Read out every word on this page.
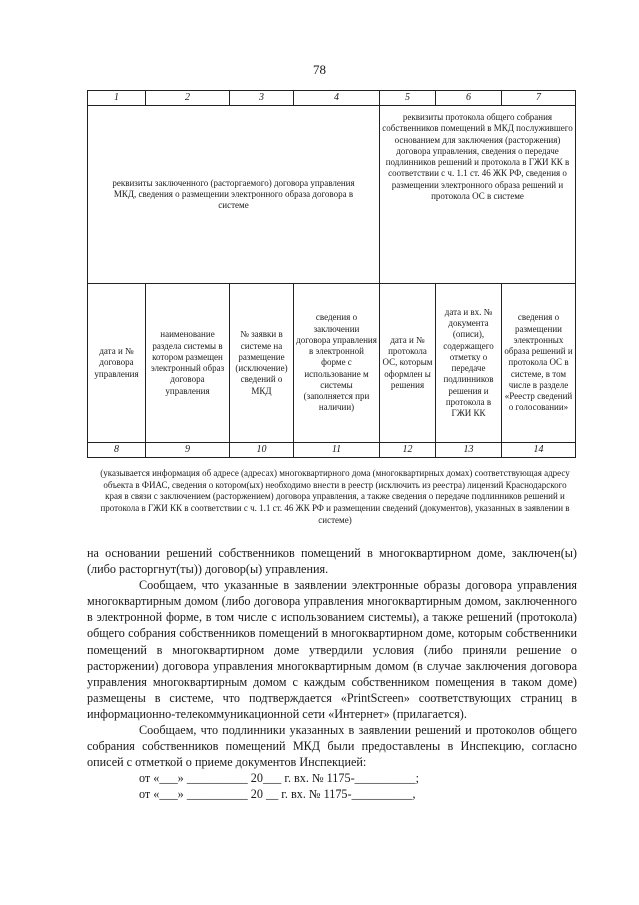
78
1	2	3	4	5	6	7
реквизиты заключенного (расторгаемого) договора управления МКД, сведения о размещении электронного образа договора в системе				реквизиты протокола общего собрания собственников помещений в МКД послужившего основанием для заключения (расторжения) договора управления, сведения о передаче подлинников решений и протокола в ГЖИ КК в соответствии с ч. 1.1 ст. 46 ЖК РФ, сведения о размещении электронного образа решений и протокола ОС в системе		
дата и № договора управления	наименование раздела системы в котором размещен электронный образ договора управления	№ заявки в системе на размещение (исключение) сведений о МКД	сведения о заключении договора управления в электронной форме с использование м системы (заполняется при наличии)	дата и № протокола ОС, которым оформлен ы решения	дата и вх. № документа (описи), содержащего отметку о передаче подлинников решения и протокола в ГЖИ КК	сведения о размещении электронных образа решений и протокола ОС в системе, в том числе в разделе «Реестр сведений о голосовании»
8	9	10	11	12	13	14
(указывается информация об адресе (адресах) многоквартирного дома (многоквартирных домах) соответствующая адресу объекта в ФИАС, сведения о котором(ых) необходимо внести в реестр (исключить из реестра) лицензий Краснодарского края в связи с заключением (расторжением) договора управления, а также сведения о передаче подлинников решений и протокола в ГЖИ КК в соответствии с ч. 1.1 ст. 46 ЖК РФ и размещении сведений (документов), указанных в заявлении в системе)

на основании решений собственников помещений в многоквартирном доме, заключен(ы) (либо расторгнут(ты)) договор(ы) управления.

Сообщаем, что указанные в заявлении электронные образы договора управления многоквартирным домом (либо договора управления многоквартирным домом, заключенного в электронной форме, в том числе с использованием системы), а также решений (протокола) общего собрания собственников помещений в многоквартирном доме, которым собственники помещений в многоквартирном доме утвердили условия (либо приняли решение о расторжении) договора управления многоквартирным домом (в случае заключения договора управления многоквартирным домом с каждым собственником помещения в таком доме) размещены в системе, что подтверждается «PrintScreen» соответствующих страниц в информационно-телекоммуникационной сети «Интернет» (прилагается).

Сообщаем, что подлинники указанных в заявлении решений и протоколов общего собрания собственников помещений МКД были предоставлены в Инспекцию, согласно описей с отметкой о приеме документов Инспекцией:

от «___» __________ 20___ г. вх. № 1175-__________;

от «___» __________ 20 __ г. вх. № 1175-__________,
